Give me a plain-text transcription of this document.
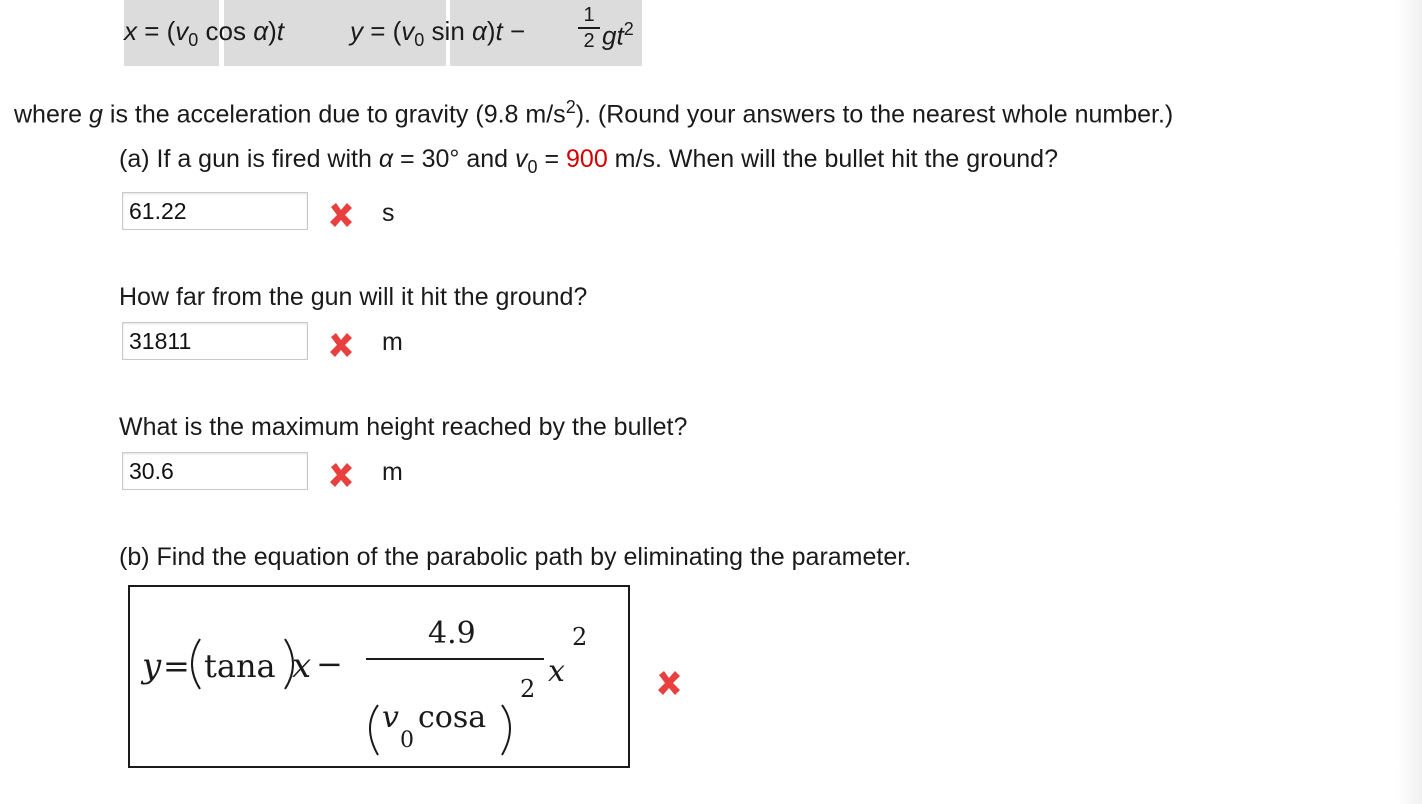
$x = (v_0$ cos α)t	$y = (v_0$ sin α)t −
1
2 $gt^2$
where g is the acceleration due to gravity (9.8 $m/s^2$). (Round your answers to the nearest whole number.)
(a) If a gun is fired with α = 30° and $v_0 = 900$ m/s. When will the bullet hit the ground?
61.22
s
How far from the gun will it hit the ground?
31811
m
What is the maximum height reached by the bullet?
30.6
m
(b) Find the equation of the parabolic path by eliminating the parameter.
y = tana x −
4.9
v
0
cosa
2 x
2
